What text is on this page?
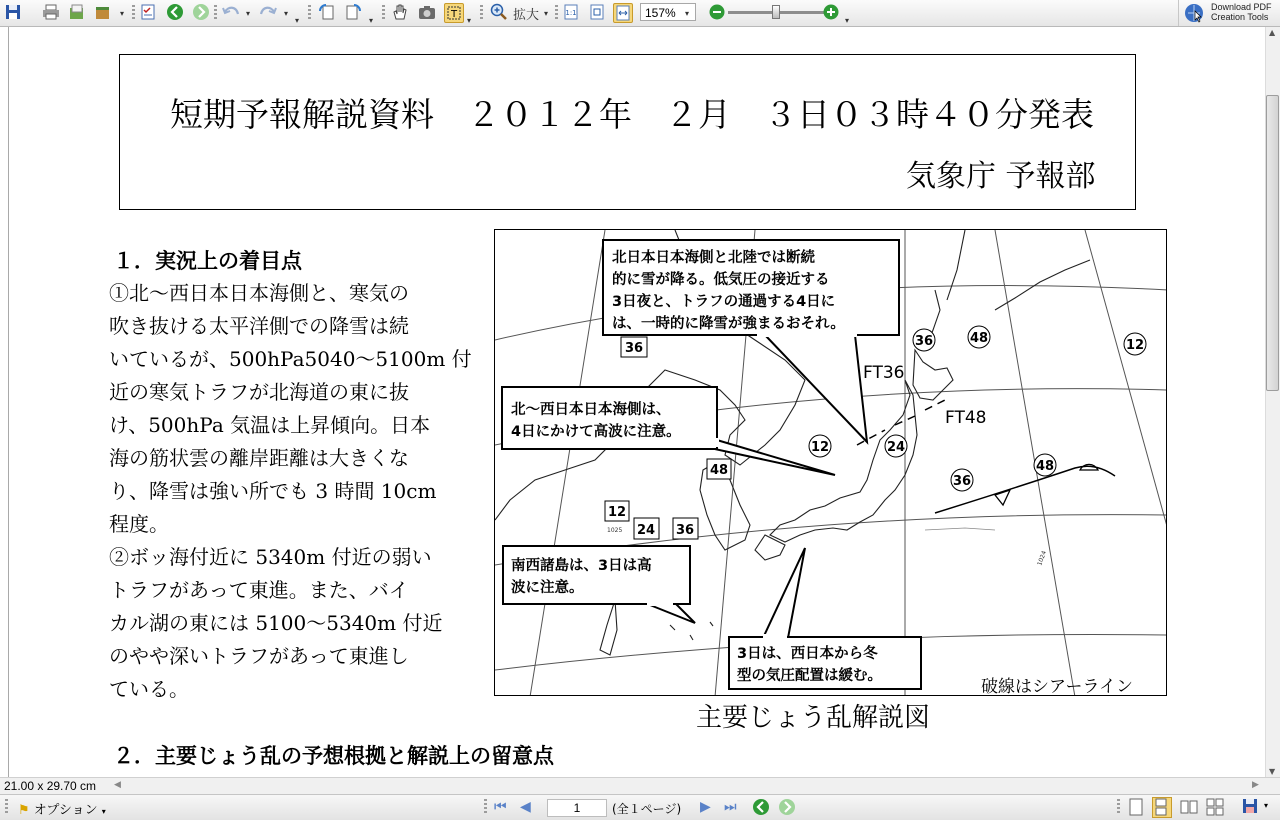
▾	▾	▾
▾	▾	T ▾	拡大 ▾ 1:1	157%	▾
▾
Download PDF
Creation Tools
短期予報解説資料　２０１２年　２月　３日０３時４０分発表
気象庁 予報部
１．実況上の着目点
①北～西日本日本海側と、寒気の
吹き抜ける太平洋側での降雪は続
いているが、500hPa5040～5100m 付
近の寒気トラフが北海道の東に抜
け、500hPa 気温は上昇傾向。日本
海の筋状雲の離岸距離は大きくな
り、降雪は強い所でも 3 時間 10cm
程度。
②ボッ海付近に 5340m 付近の弱い
トラフがあって東進。また、バイ
カル湖の東には 5100～5340m 付近
のやや深いトラフがあって東進し
ている。
FT36
FT48
36	48	12
12	24
48
36
36
48
12
24 36
1025
1024
北日本日本海側と北陸では断続
的に雪が降る。低気圧の接近する
3日夜と、トラフの通過する4日に
は、一時的に降雪が強まるおそれ。
北～西日本日本海側は、
4日にかけて高波に注意。
南西諸島は、3日は高
波に注意。
3日は、西日本から冬
型の気圧配置は緩む。
破線はシアーライン
主要じょう乱解説図
２．主要じょう乱の予想根拠と解説上の留意点
▲
▼
21.00 x 29.70 cm ◀	▶
⚑ オプション ▾	⏮ ◀	1	(全１ページ) ▶ ⏭	▾
